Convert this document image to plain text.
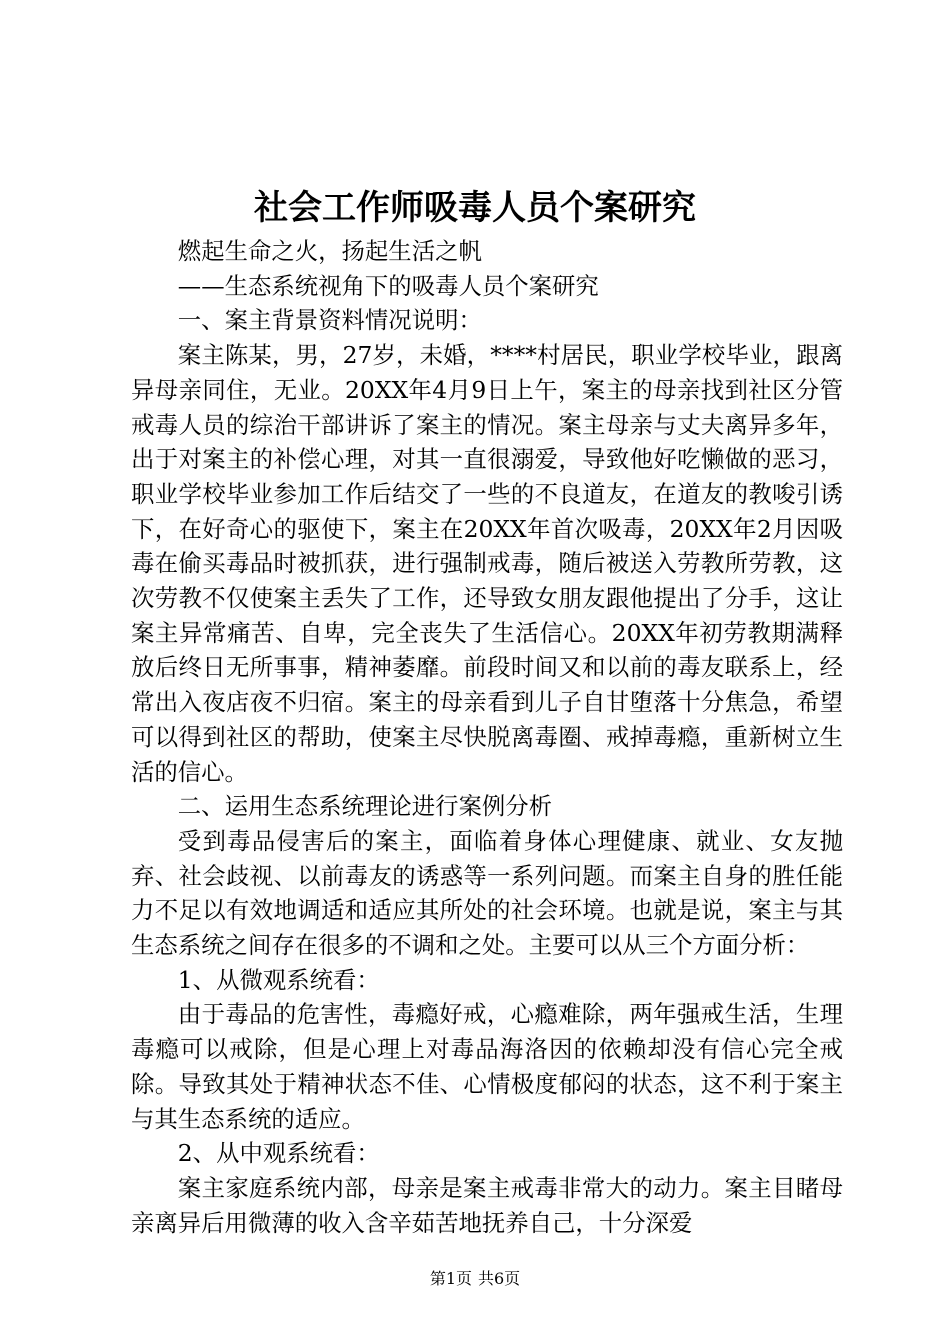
社会工作师吸毒人员个案研究

燃起生命之火，扬起生活之帆

——生态系统视角下的吸毒人员个案研究

一、案主背景资料情况说明：

案主陈某，男，27岁，未婚，****村居民，职业学校毕业，跟离异母亲同住，无业。20XX年4月9日上午，案主的母亲找到社区分管戒毒人员的综治干部讲诉了案主的情况。案主母亲与丈夫离异多年，出于对案主的补偿心理，对其一直很溺爱，导致他好吃懒做的恶习，职业学校毕业参加工作后结交了一些的不良道友，在道友的教唆引诱下，在好奇心的驱使下，案主在20XX年首次吸毒，20XX年2月因吸毒在偷买毒品时被抓获，进行强制戒毒，随后被送入劳教所劳教，这次劳教不仅使案主丢失了工作，还导致女朋友跟他提出了分手，这让案主异常痛苦、自卑，完全丧失了生活信心。20XX年初劳教期满释放后终日无所事事，精神萎靡。前段时间又和以前的毒友联系上，经常出入夜店夜不归宿。案主的母亲看到儿子自甘堕落十分焦急，希望可以得到社区的帮助，使案主尽快脱离毒圈、戒掉毒瘾，重新树立生活的信心。

二、运用生态系统理论进行案例分析

受到毒品侵害后的案主，面临着身体心理健康、就业、女友抛弃、社会歧视、以前毒友的诱惑等一系列问题。而案主自身的胜任能力不足以有效地调适和适应其所处的社会环境。也就是说，案主与其生态系统之间存在很多的不调和之处。主要可以从三个方面分析：

1、从微观系统看：

由于毒品的危害性，毒瘾好戒，心瘾难除，两年强戒生活，生理毒瘾可以戒除，但是心理上对毒品海洛因的依赖却没有信心完全戒除。导致其处于精神状态不佳、心情极度郁闷的状态，这不利于案主与其生态系统的适应。

2、从中观系统看：

案主家庭系统内部，母亲是案主戒毒非常大的动力。案主目睹母亲离异后用微薄的收入含辛茹苦地抚养自己，十分深爱

第1页 共6页
